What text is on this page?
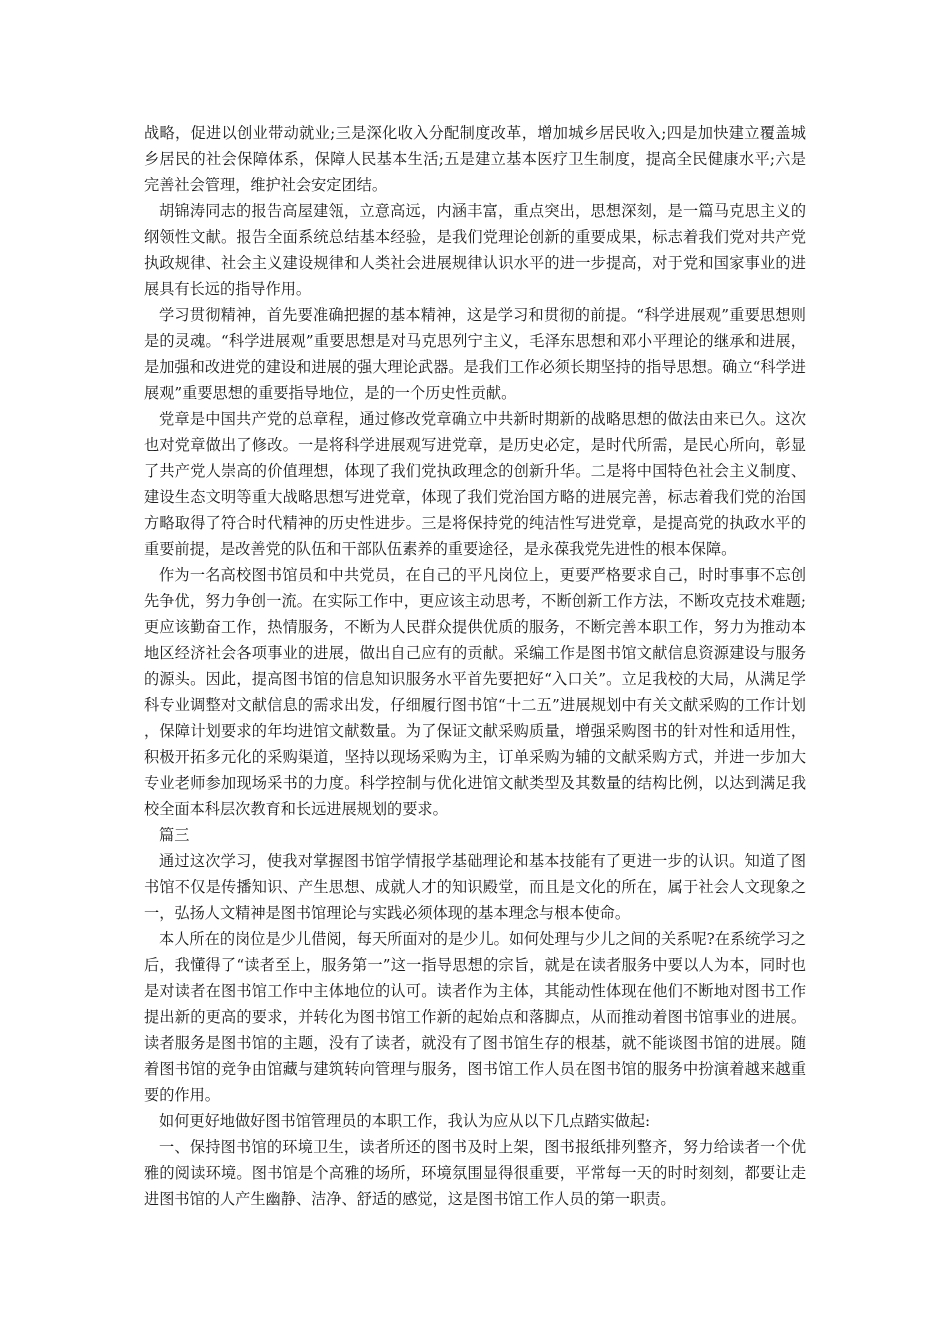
战略，促进以创业带动就业;三是深化收入分配制度改革，增加城乡居民收入;四是加快建立覆盖城乡居民的社会保障体系，保障人民基本生活;五是建立基本医疗卫生制度，提高全民健康水平;六是完善社会管理，维护社会安定团结。

胡锦涛同志的报告高屋建瓴，立意高远，内涵丰富，重点突出，思想深刻，是一篇马克思主义的纲领性文献。报告全面系统总结基本经验，是我们党理论创新的重要成果，标志着我们党对共产党执政规律、社会主义建设规律和人类社会进展规律认识水平的进一步提高，对于党和国家事业的进展具有长远的指导作用。

学习贯彻精神，首先要准确把握的基本精神，这是学习和贯彻的前提。“科学进展观”重要思想则是的灵魂。“科学进展观”重要思想是对马克思列宁主义，毛泽东思想和邓小平理论的继承和进展，是加强和改进党的建设和进展的强大理论武器。是我们工作必须长期坚持的指导思想。确立“科学进展观”重要思想的重要指导地位，是的一个历史性贡献。

党章是中国共产党的总章程，通过修改党章确立中共新时期新的战略思想的做法由来已久。这次也对党章做出了修改。一是将科学进展观写进党章，是历史必定，是时代所需，是民心所向，彰显了共产党人崇高的价值理想，体现了我们党执政理念的创新升华。二是将中国特色社会主义制度、建设生态文明等重大战略思想写进党章，体现了我们党治国方略的进展完善，标志着我们党的治国方略取得了符合时代精神的历史性进步。三是将保持党的纯洁性写进党章，是提高党的执政水平的重要前提，是改善党的队伍和干部队伍素养的重要途径，是永葆我党先进性的根本保障。

作为一名高校图书馆员和中共党员，在自己的平凡岗位上，更要严格要求自己，时时事事不忘创先争优，努力争创一流。在实际工作中，更应该主动思考，不断创新工作方法，不断攻克技术难题;更应该勤奋工作，热情服务，不断为人民群众提供优质的服务，不断完善本职工作，努力为推动本地区经济社会各项事业的进展，做出自己应有的贡献。采编工作是图书馆文献信息资源建设与服务的源头。因此，提高图书馆的信息知识服务水平首先要把好“入口关”。立足我校的大局，从满足学科专业调整对文献信息的需求出发，仔细履行图书馆“十二五”进展规划中有关文献采购的工作计划，保障计划要求的年均进馆文献数量。为了保证文献采购质量，增强采购图书的针对性和适用性，积极开拓多元化的采购渠道，坚持以现场采购为主，订单采购为辅的文献采购方式，并进一步加大专业老师参加现场采书的力度。科学控制与优化进馆文献类型及其数量的结构比例，以达到满足我校全面本科层次教育和长远进展规划的要求。

篇三

通过这次学习，使我对掌握图书馆学情报学基础理论和基本技能有了更进一步的认识。知道了图书馆不仅是传播知识、产生思想、成就人才的知识殿堂，而且是文化的所在，属于社会人文现象之一，弘扬人文精神是图书馆理论与实践必须体现的基本理念与根本使命。

本人所在的岗位是少儿借阅，每天所面对的是少儿。如何处理与少儿之间的关系呢?在系统学习之后，我懂得了“读者至上，服务第一”这一指导思想的宗旨，就是在读者服务中要以人为本，同时也是对读者在图书馆工作中主体地位的认可。读者作为主体，其能动性体现在他们不断地对图书工作提出新的更高的要求，并转化为图书馆工作新的起始点和落脚点，从而推动着图书馆事业的进展。读者服务是图书馆的主题，没有了读者，就没有了图书馆生存的根基，就不能谈图书馆的进展。随着图书馆的竞争由馆藏与建筑转向管理与服务，图书馆工作人员在图书馆的服务中扮演着越来越重要的作用。

如何更好地做好图书馆管理员的本职工作，我认为应从以下几点踏实做起:

一、保持图书馆的环境卫生，读者所还的图书及时上架，图书报纸排列整齐，努力给读者一个优雅的阅读环境。图书馆是个高雅的场所，环境氛围显得很重要，平常每一天的时时刻刻，都要让走进图书馆的人产生幽静、洁净、舒适的感觉，这是图书馆工作人员的第一职责。
